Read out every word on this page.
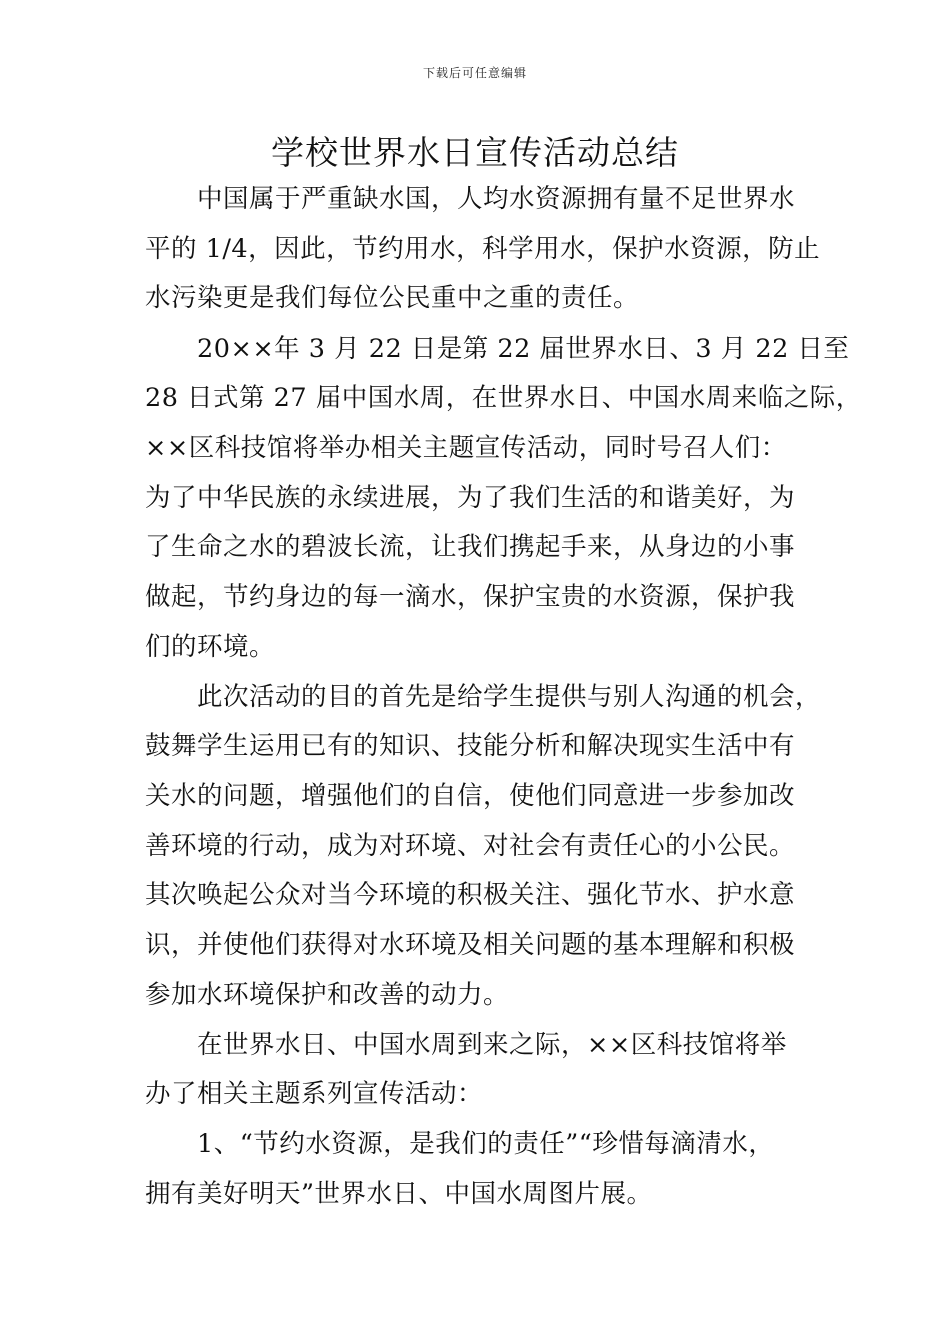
下载后可任意编辑
学校世界水日宣传活动总结
　　中国属于严重缺水国，人均水资源拥有量不足世界水
平的 1/4，因此，节约用水，科学用水，保护水资源，防止
水污染更是我们每位公民重中之重的责任。
　　20××年 3 月 22 日是第 22 届世界水日、3 月 22 日至
28 日式第 27 届中国水周，在世界水日、中国水周来临之际，
××区科技馆将举办相关主题宣传活动，同时号召人们：
为了中华民族的永续进展，为了我们生活的和谐美好，为
了生命之水的碧波长流，让我们携起手来，从身边的小事
做起，节约身边的每一滴水，保护宝贵的水资源，保护我
们的环境。
　　此次活动的目的首先是给学生提供与别人沟通的机会，
鼓舞学生运用已有的知识、技能分析和解决现实生活中有
关水的问题，增强他们的自信，使他们同意进一步参加改
善环境的行动，成为对环境、对社会有责任心的小公民。
其次唤起公众对当今环境的积极关注、强化节水、护水意
识，并使他们获得对水环境及相关问题的基本理解和积极
参加水环境保护和改善的动力。
　　在世界水日、中国水周到来之际，××区科技馆将举
办了相关主题系列宣传活动：
　　1、“节约水资源，是我们的责任”“珍惜每滴清水，
拥有美好明天”世界水日、中国水周图片展。
